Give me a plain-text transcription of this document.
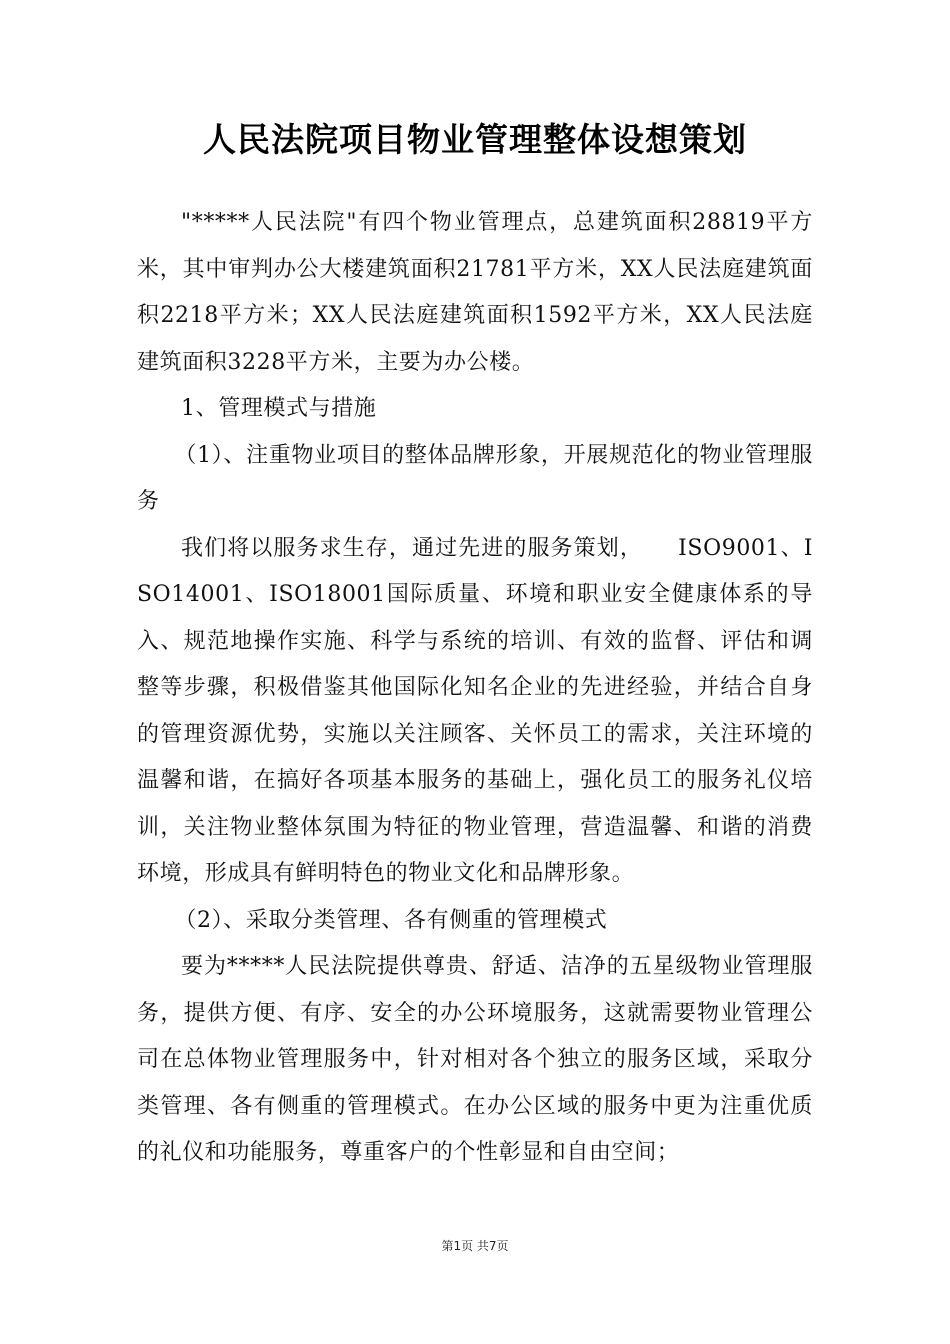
人民法院项目物业管理整体设想策划

"*****人民法院"有四个物业管理点，总建筑面积28819平方米，其中审判办公大楼建筑面积21781平方米，XX人民法庭建筑面积2218平方米；XX人民法庭建筑面积1592平方米，XX人民法庭建筑面积3228平方米，主要为办公楼。

1、管理模式与措施

（1）、注重物业项目的整体品牌形象，开展规范化的物业管理服务

我们将以服务求生存，通过先进的服务策划，　　ISO9001、ISO14001、ISO18001国际质量、环境和职业安全健康体系的导入、规范地操作实施、科学与系统的培训、有效的监督、评估和调整等步骤，积极借鉴其他国际化知名企业的先进经验，并结合自身的管理资源优势，实施以关注顾客、关怀员工的需求，关注环境的温馨和谐，在搞好各项基本服务的基础上，强化员工的服务礼仪培训，关注物业整体氛围为特征的物业管理，营造温馨、和谐的消费环境，形成具有鲜明特色的物业文化和品牌形象。

（2）、采取分类管理、各有侧重的管理模式

要为*****人民法院提供尊贵、舒适、洁净的五星级物业管理服务，提供方便、有序、安全的办公环境服务，这就需要物业管理公司在总体物业管理服务中，针对相对各个独立的服务区域，采取分类管理、各有侧重的管理模式。在办公区域的服务中更为注重优质的礼仪和功能服务，尊重客户的个性彰显和自由空间；

第1页 共7页
